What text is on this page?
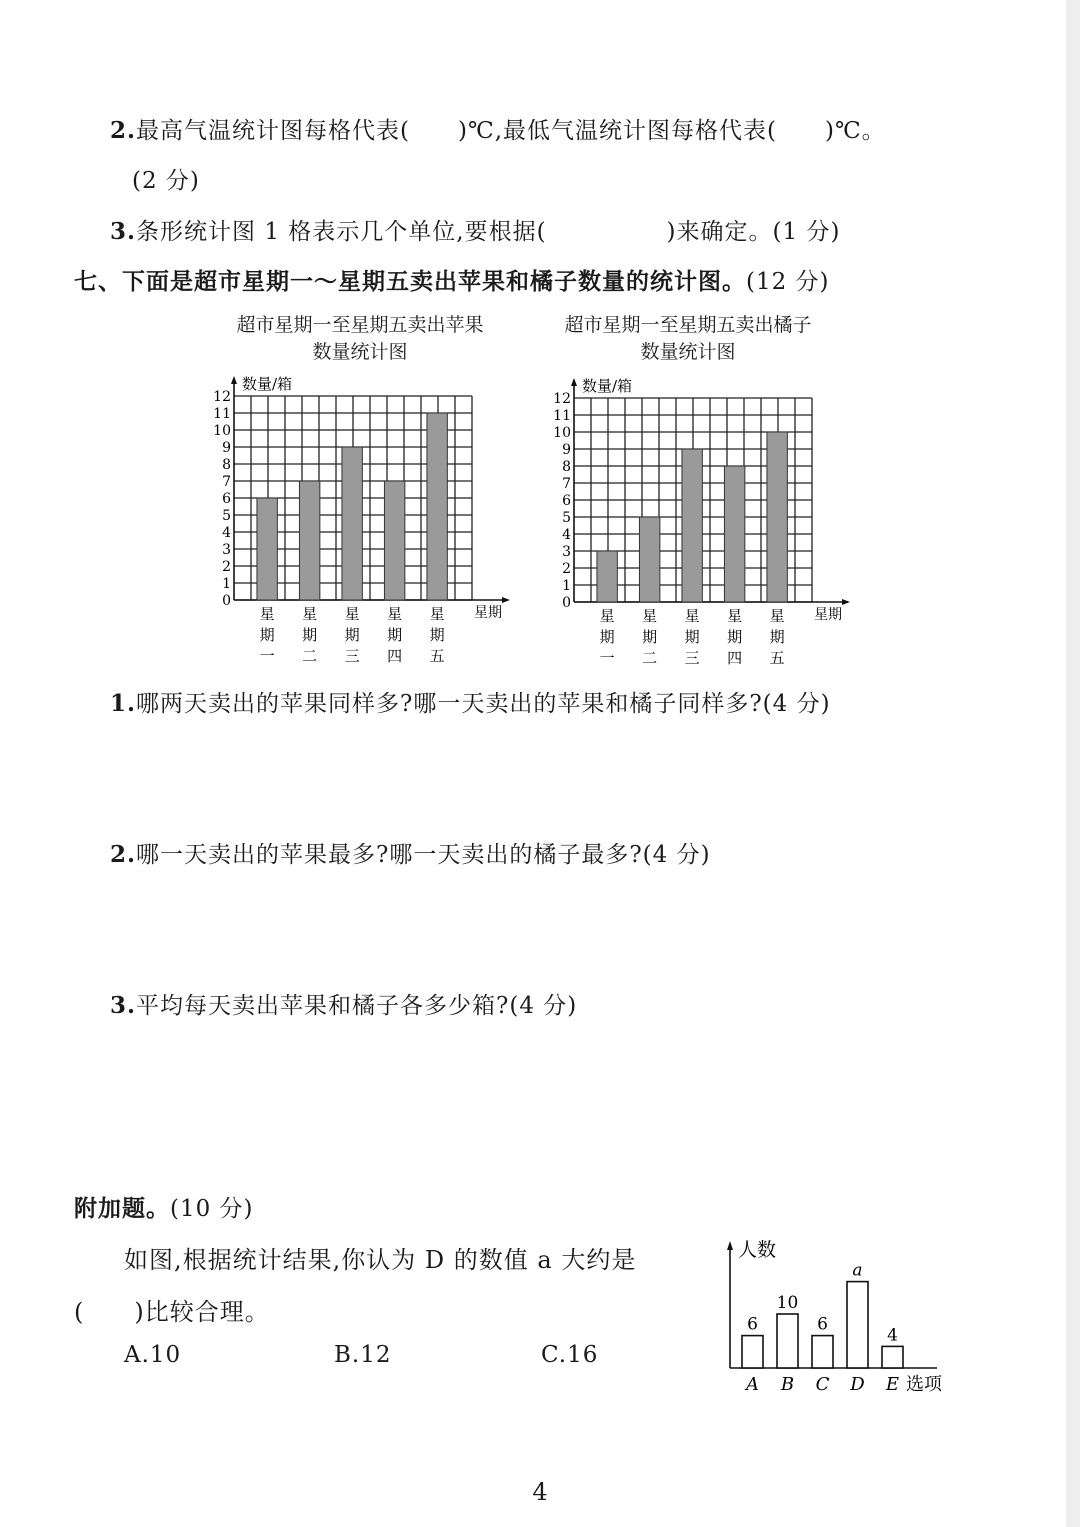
2.最高气温统计图每格代表(　　)℃,最低气温统计图每格代表(　　)℃。
(2 分)
3.条形统计图 1 格表示几个单位,要根据(　　　　　)来确定。(1 分)
七、下面是超市星期一～星期五卖出苹果和橘子数量的统计图。(12 分)
超市星期一至星期五卖出苹果
数量统计图
超市星期一至星期五卖出橘子
数量统计图
0
1
2
3
4
5
6
7
8
9
10
11
12
数量/箱
星期
星
期
一
星
期
二
星
期
三
星
期
四
星
期
五
0
1
2
3
4
5
6
7
8
9
10
11
12
数量/箱
星期
星
期
一
星
期
二
星
期
三
星
期
四
星
期
五
1.哪两天卖出的苹果同样多?哪一天卖出的苹果和橘子同样多?(4 分)
2.哪一天卖出的苹果最多?哪一天卖出的橘子最多?(4 分)
3.平均每天卖出苹果和橘子各多少箱?(4 分)
附加题。(10 分)
如图,根据统计结果,你认为 D 的数值 a 大约是
(　　)比较合理。
A.10	B.12	C.16
人数
选项
6
A
10
B
6
C
a
D
4
E
4
